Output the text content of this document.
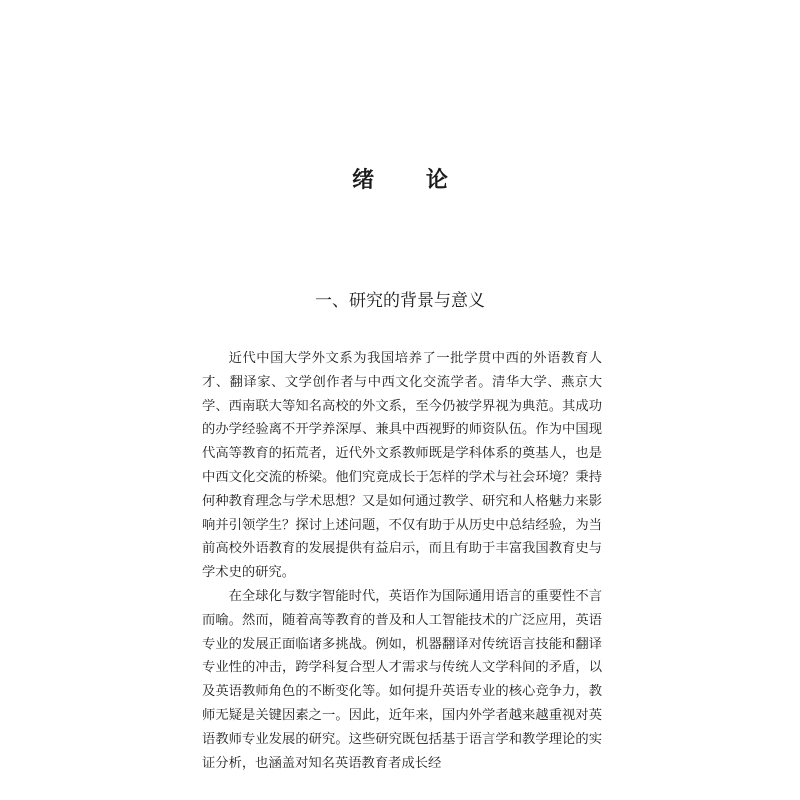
绪 论
一、研究的背景与意义

近代中国大学外文系为我国培养了一批学贯中西的外语教育人才、翻译家、文学创作者与中西文化交流学者。清华大学、燕京大学、西南联大等知名高校的外文系，至今仍被学界视为典范。其成功的办学经验离不开学养深厚、兼具中西视野的师资队伍。作为中国现代高等教育的拓荒者，近代外文系教师既是学科体系的奠基人，也是中西文化交流的桥梁。他们究竟成长于怎样的学术与社会环境？秉持何种教育理念与学术思想？又是如何通过教学、研究和人格魅力来影响并引领学生？探讨上述问题，不仅有助于从历史中总结经验，为当前高校外语教育的发展提供有益启示，而且有助于丰富我国教育史与学术史的研究。

在全球化与数字智能时代，英语作为国际通用语言的重要性不言而喻。然而，随着高等教育的普及和人工智能技术的广泛应用，英语专业的发展正面临诸多挑战。例如，机器翻译对传统语言技能和翻译专业性的冲击，跨学科复合型人才需求与传统人文学科间的矛盾，以及英语教师角色的不断变化等。如何提升英语专业的核心竞争力，教师无疑是关键因素之一。因此，近年来，国内外学者越来越重视对英语教师专业发展的研究。这些研究既包括基于语言学和教学理论的实证分析，也涵盖对知名英语教育者成长经
